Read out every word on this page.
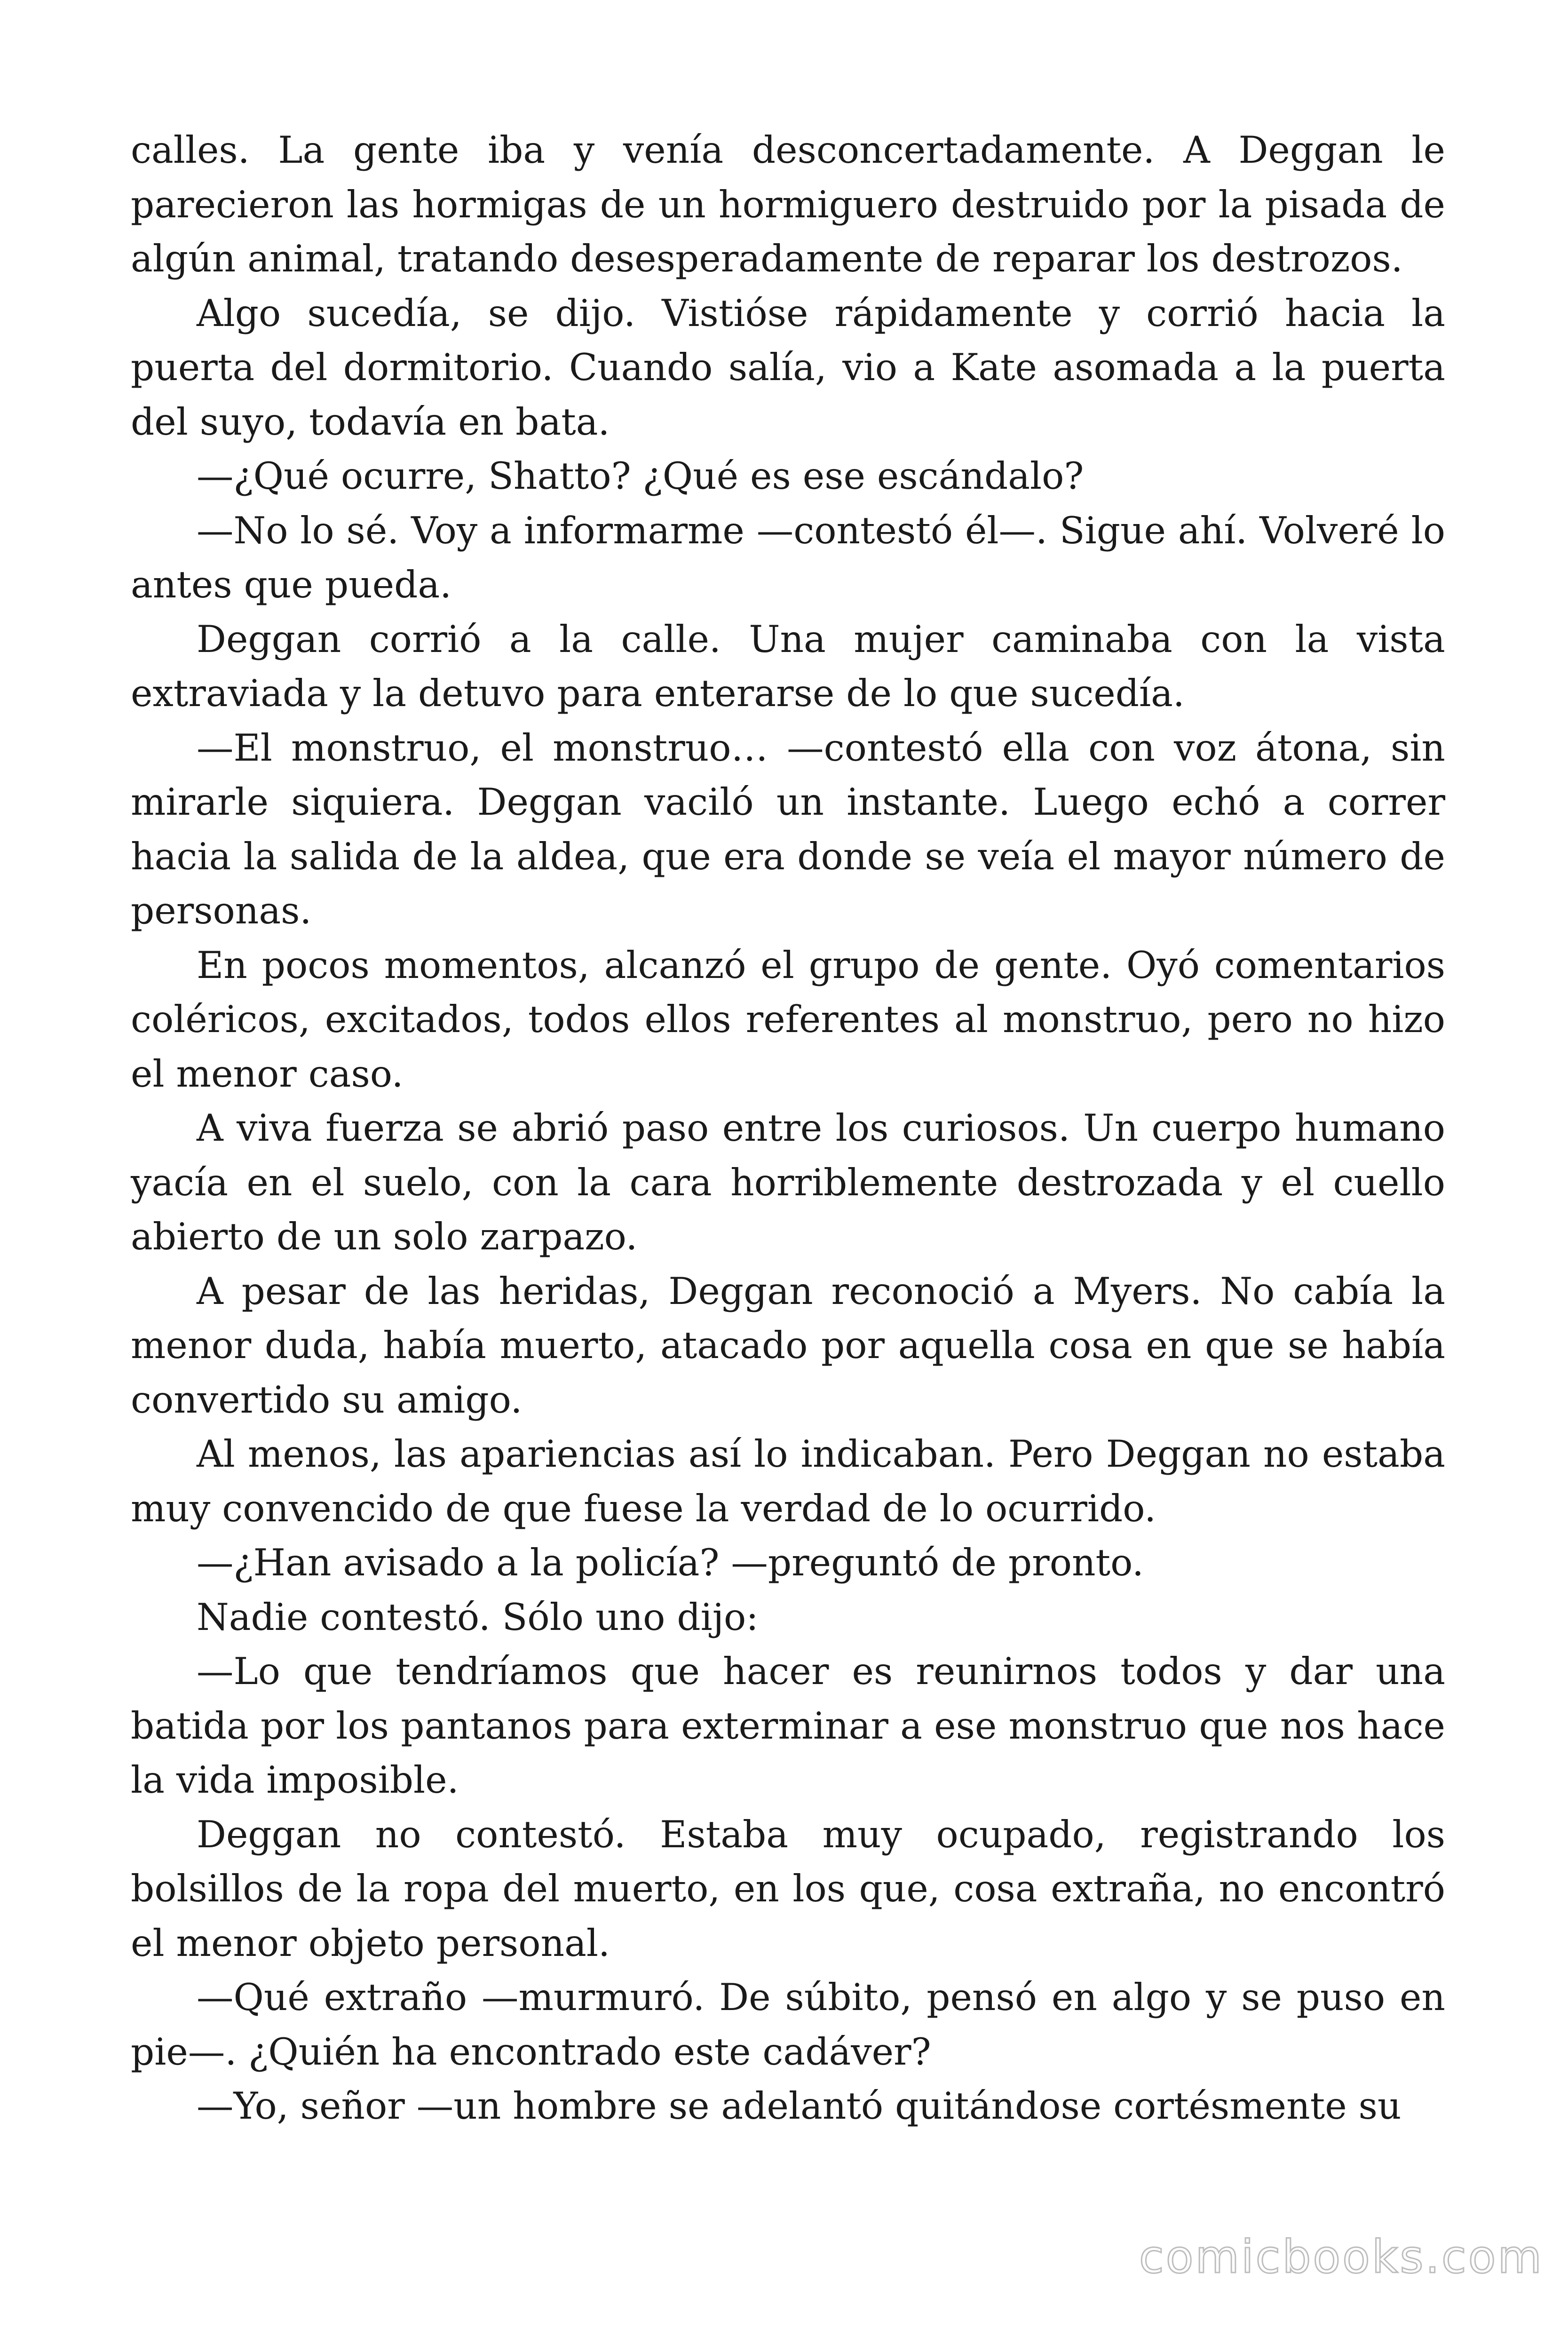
calles. La gente iba y venía desconcertadamente. A Deggan le parecieron las hormigas de un hormiguero destruido por la pisada de algún animal, tratando desesperadamente de reparar los destrozos.

Algo sucedía, se dijo. Vistióse rápidamente y corrió hacia la puerta del dormitorio. Cuando salía, vio a Kate asomada a la puerta del suyo, todavía en bata.

—¿Qué ocurre, Shatto? ¿Qué es ese escándalo?

—No lo sé. Voy a informarme —contestó él—. Sigue ahí. Volveré lo antes que pueda.

Deggan corrió a la calle. Una mujer caminaba con la vista extraviada y la detuvo para enterarse de lo que sucedía.

—El monstruo, el monstruo… —contestó ella con voz átona, sin mirarle siquiera. Deggan vaciló un instante. Luego echó a correr hacia la salida de la aldea, que era donde se veía el mayor número de personas.

En pocos momentos, alcanzó el grupo de gente. Oyó comentarios coléricos, excitados, todos ellos referentes al monstruo, pero no hizo el menor caso.

A viva fuerza se abrió paso entre los curiosos. Un cuerpo humano yacía en el suelo, con la cara horriblemente destrozada y el cuello abierto de un solo zarpazo.

A pesar de las heridas, Deggan reconoció a Myers. No cabía la menor duda, había muerto, atacado por aquella cosa en que se había convertido su amigo.

Al menos, las apariencias así lo indicaban. Pero Deggan no estaba muy convencido de que fuese la verdad de lo ocurrido.

—¿Han avisado a la policía? —preguntó de pronto.

Nadie contestó. Sólo uno dijo:

—Lo que tendríamos que hacer es reunirnos todos y dar una batida por los pantanos para exterminar a ese monstruo que nos hace la vida imposible.

Deggan no contestó. Estaba muy ocupado, registrando los bolsillos de la ropa del muerto, en los que, cosa extraña, no encontró el menor objeto personal.

—Qué extraño —murmuró. De súbito, pensó en algo y se puso en pie—. ¿Quién ha encontrado este cadáver?

—Yo, señor —un hombre se adelantó quitándose cortésmente su

comicbooks.com
